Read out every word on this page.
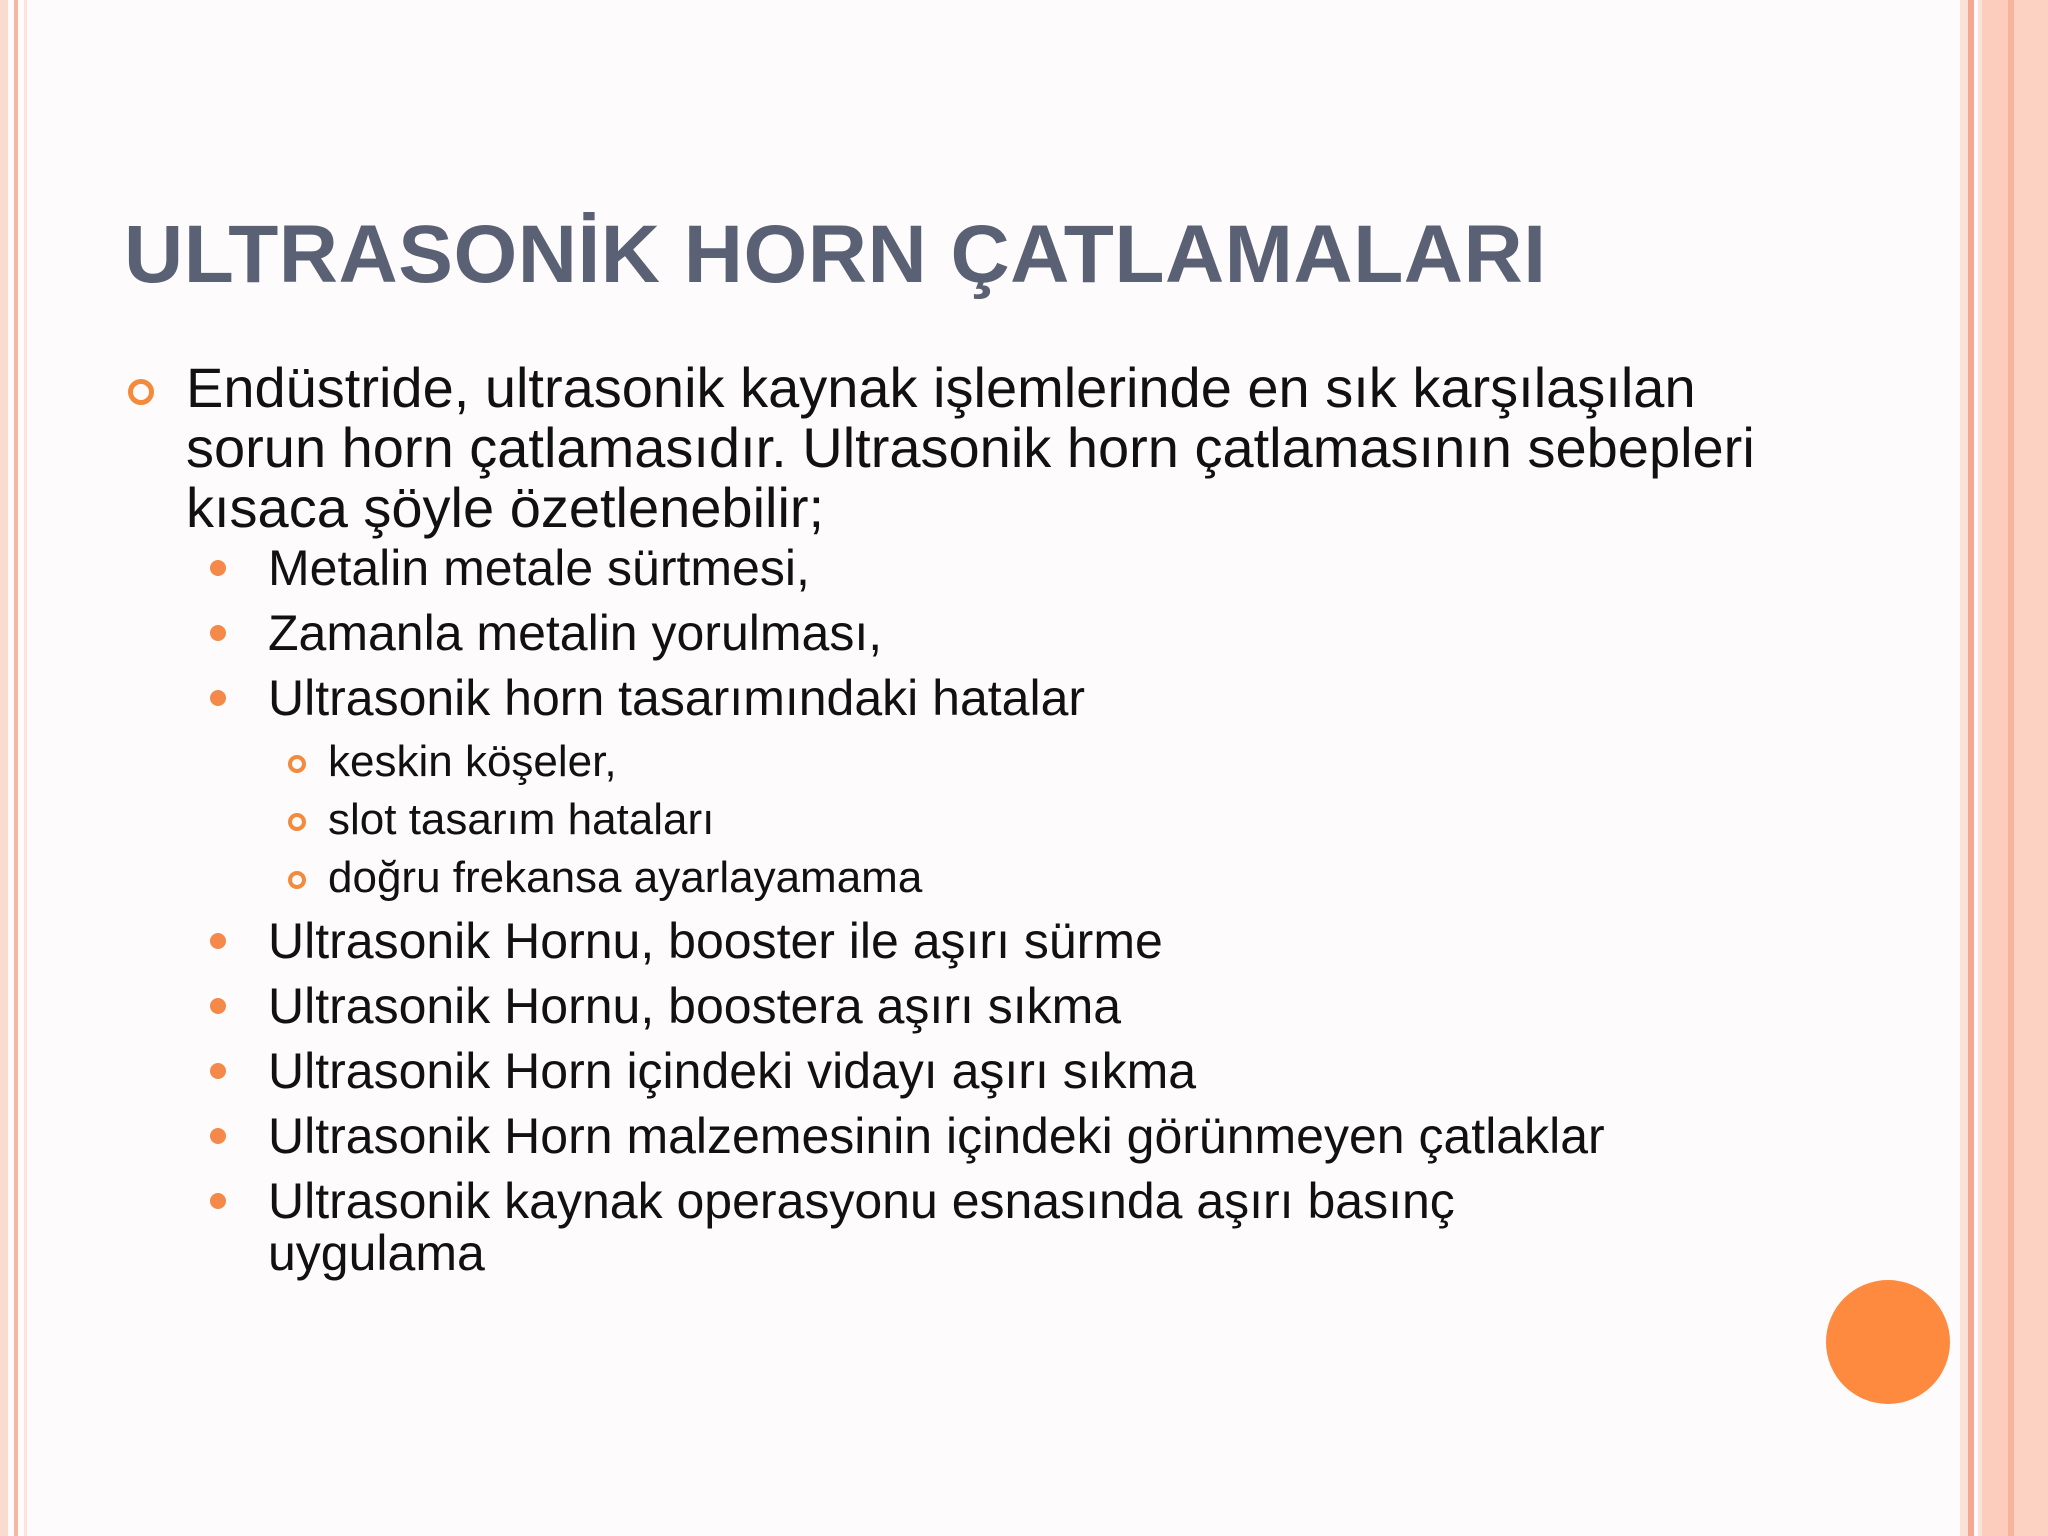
ULTRASONİK HORN ÇATLAMALARI
Endüstride, ultrasonik kaynak işlemlerinde en sık karşılaşılan sorun horn çatlamasıdır. Ultrasonik horn çatlamasının sebepleri kısaca şöyle özetlenebilir;
Metalin metale sürtmesi,
Zamanla metalin yorulması,
Ultrasonik horn tasarımındaki hatalar
keskin köşeler,
slot tasarım hataları
doğru frekansa ayarlayamama
Ultrasonik Hornu, booster ile aşırı sürme
Ultrasonik Hornu, boostera aşırı sıkma
Ultrasonik Horn içindeki vidayı aşırı sıkma
Ultrasonik Horn malzemesinin içindeki görünmeyen çatlaklar
Ultrasonik kaynak operasyonu esnasında aşırı basınç uygulama
